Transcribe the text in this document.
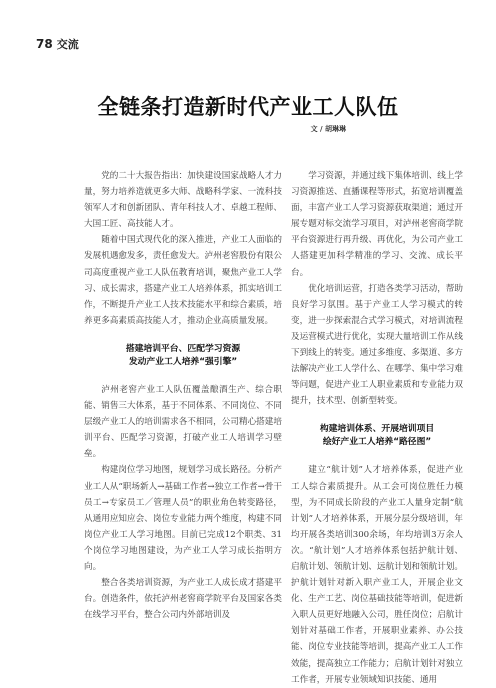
78 交流
全链条打造新时代产业工人队伍
文 / 胡琳琳

党的二十大报告指出：加快建设国家战略人才力量，努力培养造就更多大师、战略科学家、一流科技领军人才和创新团队、青年科技人才、卓越工程师、大国工匠、高技能人才。

随着中国式现代化的深入推进，产业工人面临的发展机遇愈发多，责任愈发大。泸州老窖股份有限公司高度重视产业工人队伍教育培训，聚焦产业工人学习、成长需求，搭建产业工人培养体系，抓实培训工作，不断提升产业工人技术技能水平和综合素质，培养更多高素质高技能人才，推动企业高质量发展。

搭建培训平台、匹配学习资源
发动产业工人培养“强引擎”

泸州老窖产业工人队伍覆盖酿酒生产、综合职能、销售三大体系，基于不同体系、不同岗位、不同层级产业工人的培训需求各不相同，公司精心搭建培训平台、匹配学习资源，打破产业工人培训学习壁垒。

构建岗位学习地图，规划学习成长路径。分析产业工人从“职场新人→基础工作者→独立工作者→骨干员工→专家员工／管理人员”的职业角色转变路径，从通用应知应会、岗位专业能力两个维度，构建不同岗位产业工人学习地图。目前已完成12个职类、31个岗位学习地图建设，为产业工人学习成长指明方向。

整合各类培训资源，为产业工人成长成才搭建平台。创造条件，依托泸州老窖商学院平台及国家各类在线学习平台，整合公司内外部培训及

学习资源，并通过线下集体培训、线上学习资源推送、直播课程等形式，拓宽培训覆盖面，丰富产业工人学习资源获取渠道；通过开展专题对标交流学习项目，对泸州老窖商学院平台资源进行再升级、再优化，为公司产业工人搭建更加科学精准的学习、交流、成长平台。

优化培训运营，打造各类学习活动，帮助良好学习氛围。基于产业工人学习模式的转变，进一步探索混合式学习模式，对培训流程及运营模式进行优化，实现大量培训工作从线下到线上的转变。通过多维度、多渠道、多方法解决产业工人学什么、在哪学、集中学习难等问题，促进产业工人职业素质和专业能力双提升，技术型、创新型转变。

构建培训体系、开展培训项目
绘好产业工人培养“路径图”

建立“航计划”人才培养体系，促进产业工人综合素质提升。从工会可岗位胜任力模型，为不同成长阶段的产业工人量身定制“航计划”人才培养体系，开展分层分级培训，年均开展各类培训300余场，年均培训3万余人次。“航计划”人才培养体系包括护航计划、启航计划、领航计划、远航计划和领航计划。护航计划针对新入职产业工人，开展企业文化、生产工艺、岗位基础技能等培训，促进新入职人员更好地融入公司，胜任岗位；启航计划针对基础工作者，开展职业素养、办公技能、岗位专业技能等培训，提高产业工人工作效能，提高独立工作能力；启航计划针对独立工作者，开展专业领域知识技能、通用
